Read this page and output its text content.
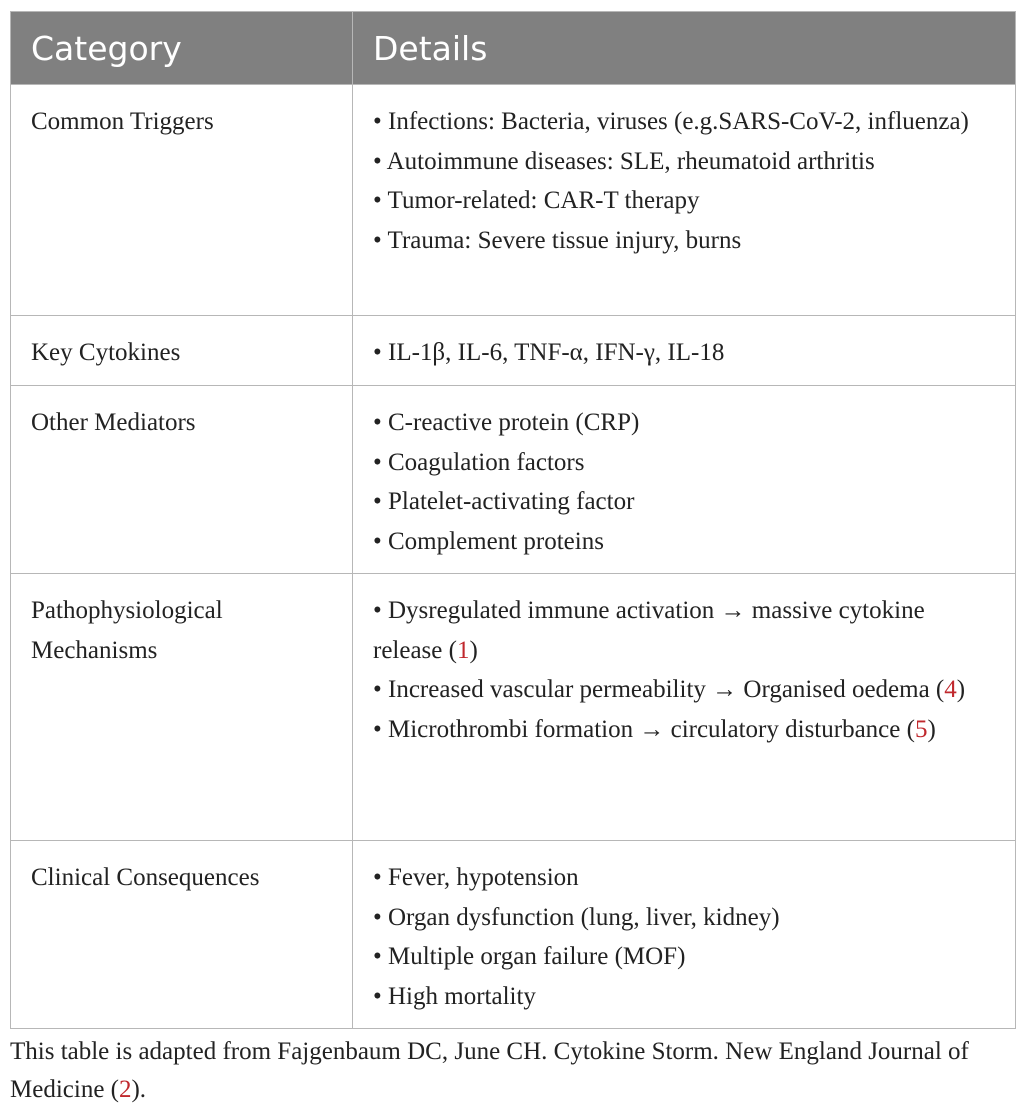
Category	Details

Common Triggers	• Infections: Bacteria, viruses (e.g.SARS-CoV-2, influenza)
• Autoimmune diseases: SLE, rheumatoid arthritis
• Tumor-related: CAR-T therapy
• Trauma: Severe tissue injury, burns

Key Cytokines	• IL-1β, IL-6, TNF-α, IFN-γ, IL-18

Other Mediators	• C-reactive protein (CRP)
• Coagulation factors
• Platelet-activating factor
• Complement proteins

Pathophysiological
Mechanisms	• Dysregulated immune activation → massive cytokine release (1)
• Increased vascular permeability → Organised oedema (4)
• Microthrombi formation → circulatory disturbance (5)

Clinical Consequences	• Fever, hypotension
• Organ dysfunction (lung, liver, kidney)
• Multiple organ failure (MOF)
• High mortality

This table is adapted from Fajgenbaum DC, June CH. Cytokine Storm. New England Journal of Medicine (2).
